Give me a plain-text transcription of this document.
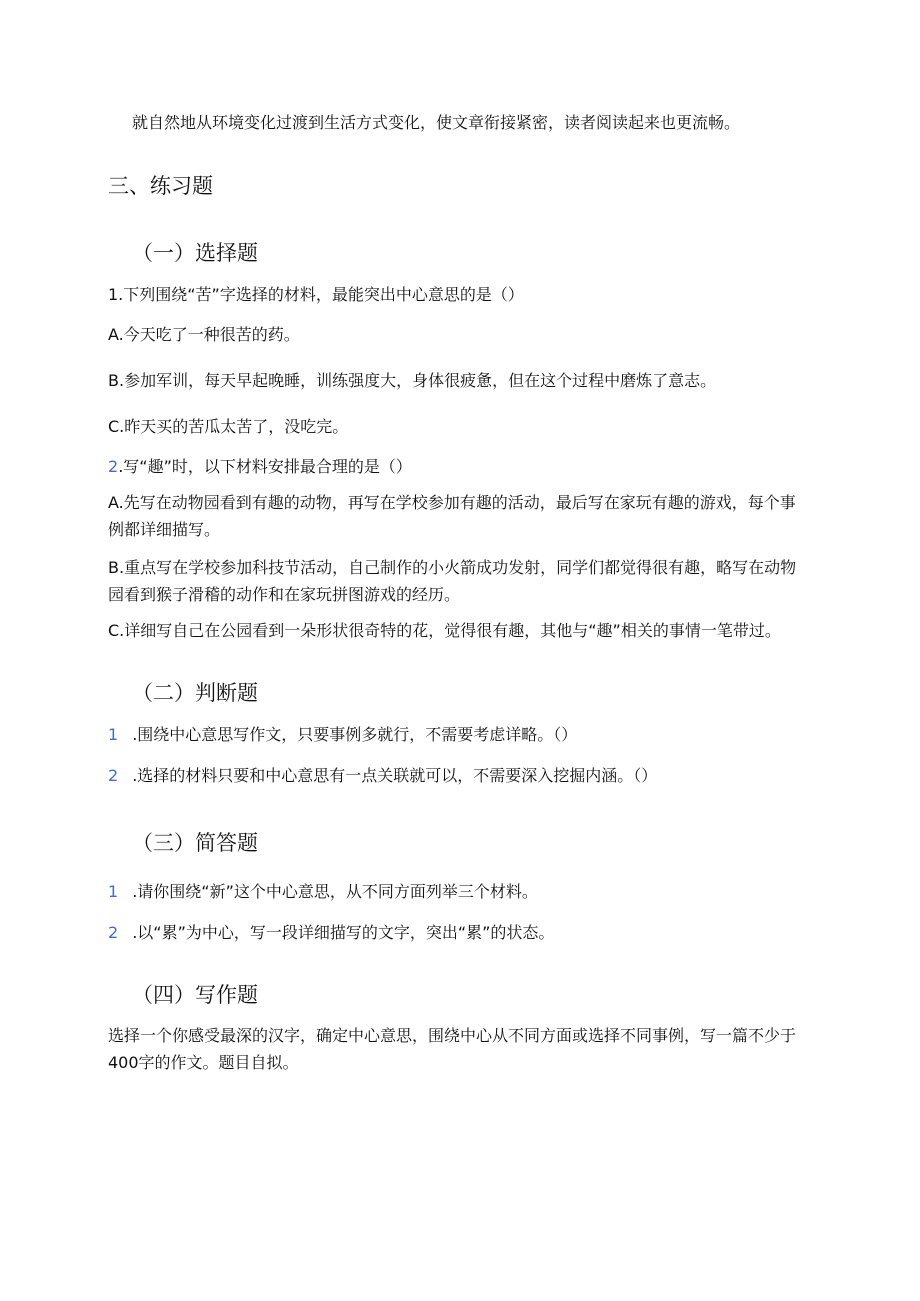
就自然地从环境变化过渡到生活方式变化，使文章衔接紧密，读者阅读起来也更流畅。

三、练习题
（一）选择题

1.下列围绕“苦”字选择的材料，最能突出中心意思的是（）

A.今天吃了一种很苦的药。

B.参加军训，每天早起晚睡，训练强度大，身体很疲惫，但在这个过程中磨炼了意志。

C.昨天买的苦瓜太苦了，没吃完。

2.写“趣”时，以下材料安排最合理的是（）

A.先写在动物园看到有趣的动物，再写在学校参加有趣的活动，最后写在家玩有趣的游戏，每个事例都详细描写。

B.重点写在学校参加科技节活动，自己制作的小火箭成功发射，同学们都觉得很有趣，略写在动物园看到猴子滑稽的动作和在家玩拼图游戏的经历。

C.详细写自己在公园看到一朵形状很奇特的花，觉得很有趣，其他与“趣”相关的事情一笔带过。

（二）判断题

1 .围绕中心意思写作文，只要事例多就行，不需要考虑详略。（）

2 .选择的材料只要和中心意思有一点关联就可以，不需要深入挖掘内涵。（）

（三）简答题

1 .请你围绕“新”这个中心意思，从不同方面列举三个材料。

2 .以“累”为中心，写一段详细描写的文字，突出“累”的状态。

（四）写作题

选择一个你感受最深的汉字，确定中心意思，围绕中心从不同方面或选择不同事例，写一篇不少于400字的作文。题目自拟。
